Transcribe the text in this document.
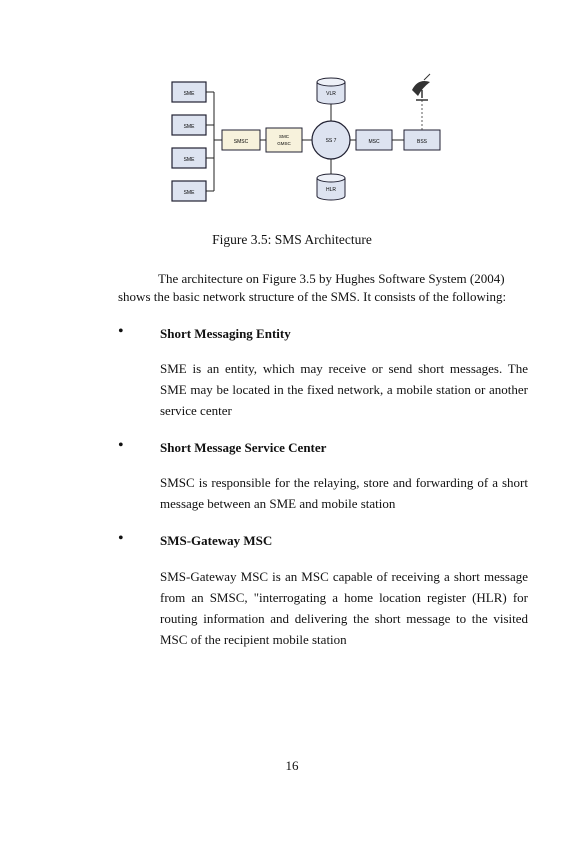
SME
SME
SME
SME
SMSC
SMC
GMSC	SS 7
VLR
HLR
MSC	BSS
Figure 3.5: SMS Architecture
The architecture on Figure 3.5 by Hughes Software System (2004)
shows the basic network structure of the SMS. It consists of the following:
•	Short Messaging Entity
SME is an entity, which may receive or send short messages. The SME may be located in the fixed network, a mobile station or another service center
•	Short Message Service Center
SMSC is responsible for the relaying, store and forwarding of a short message between an SME and mobile station
•	SMS-Gateway MSC
SMS-Gateway MSC is an MSC capable of receiving a short message from an SMSC, "interrogating a home location register (HLR) for routing information and delivering the short message to the visited MSC of the recipient mobile station
16
